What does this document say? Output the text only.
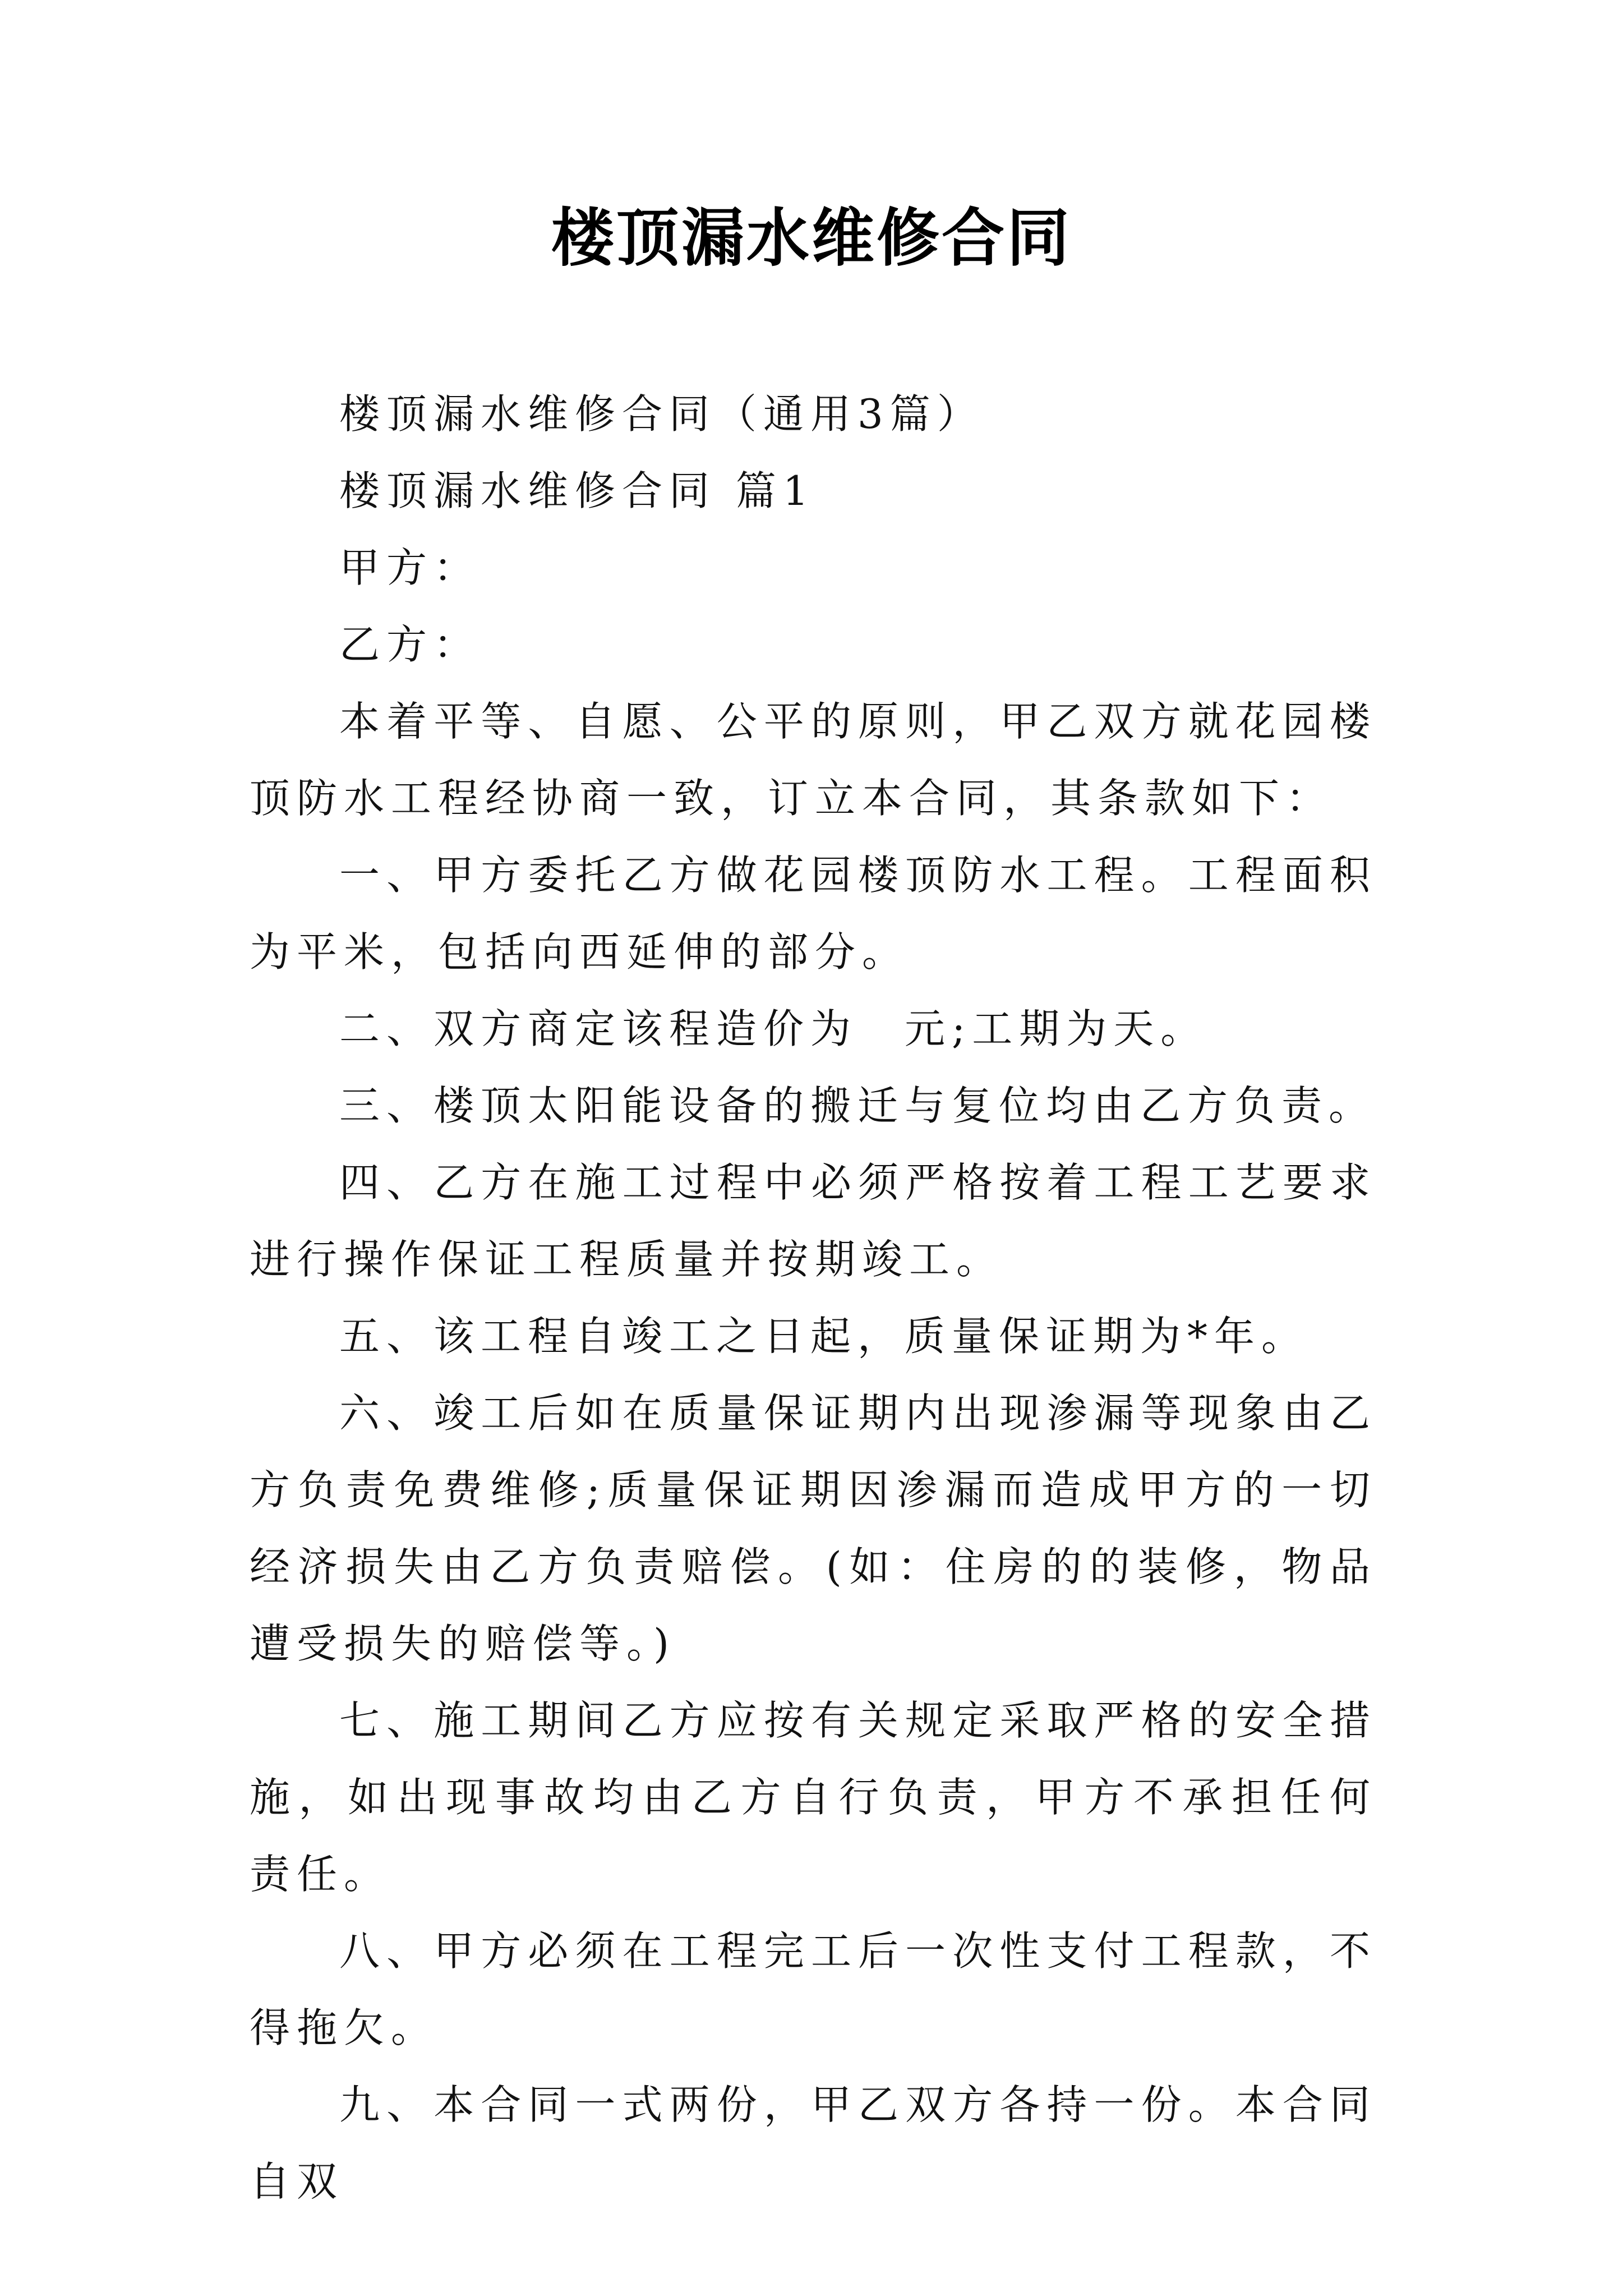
楼顶漏水维修合同

楼顶漏水维修合同（通用3篇）

楼顶漏水维修合同 篇1

甲方：

乙方：

本着平等、自愿、公平的原则，甲乙双方就花园楼顶防水工程经协商一致，订立本合同，其条款如下：

一、甲方委托乙方做花园楼顶防水工程。工程面积为平米，包括向西延伸的部分。

二、双方商定该程造价为　元;工期为天。

三、楼顶太阳能设备的搬迁与复位均由乙方负责。

四、乙方在施工过程中必须严格按着工程工艺要求进行操作保证工程质量并按期竣工。

五、该工程自竣工之日起，质量保证期为*年。

六、竣工后如在质量保证期内出现渗漏等现象由乙方负责免费维修;质量保证期因渗漏而造成甲方的一切经济损失由乙方负责赔偿。(如：住房的的装修，物品遭受损失的赔偿等。)

七、施工期间乙方应按有关规定采取严格的安全措施，如出现事故均由乙方自行负责，甲方不承担任何责任。

八、甲方必须在工程完工后一次性支付工程款，不得拖欠。

九、本合同一式两份，甲乙双方各持一份。本合同自双
